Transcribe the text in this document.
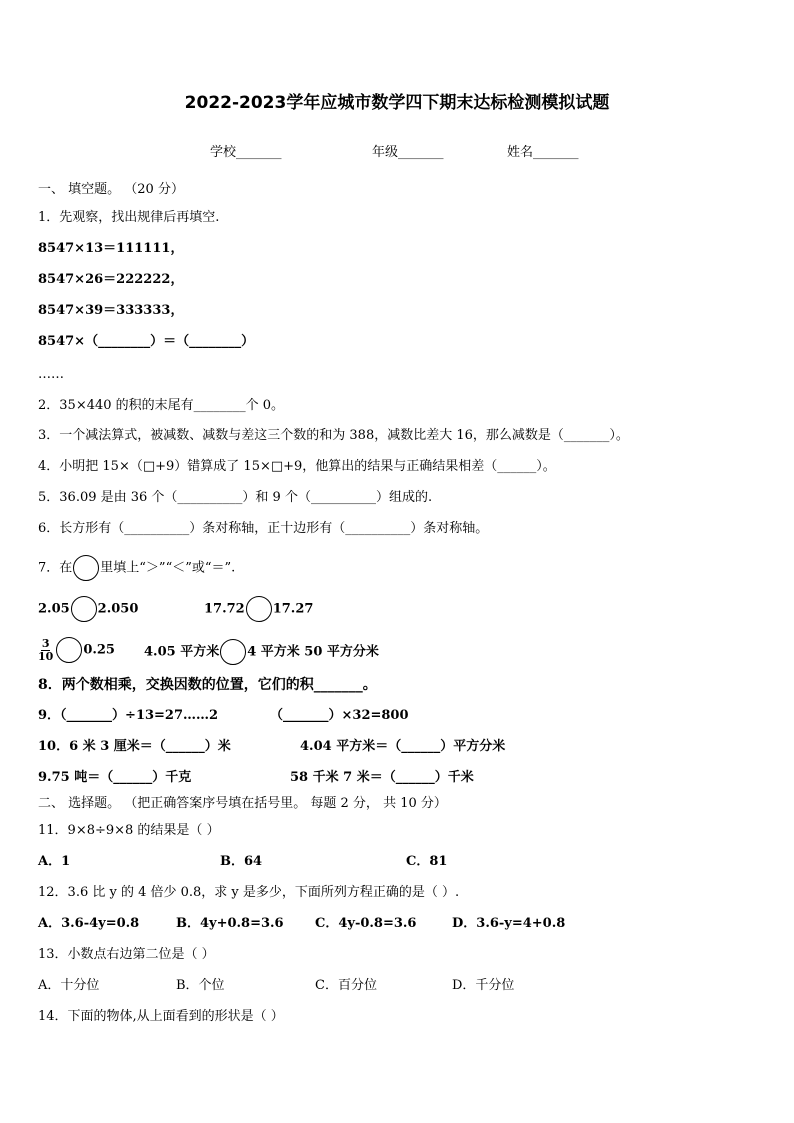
2022-2023学年应城市数学四下期末达标检测模拟试题
学校_______	年级_______	姓名_______
一、 填空题。 （20 分）
1．先观察，找出规律后再填空.
8547×13＝111111，
8547×26＝222222，
8547×39＝333333，
8547×（________）＝（________）
……
2．35×440 的积的末尾有________个 0。
3．一个减法算式，被减数、减数与差这三个数的和为 388，减数比差大 16，那么减数是（_______）。
4．小明把 15×（□+9）错算成了 15×□+9，他算出的结果与正确结果相差（______）。
5．36.09 是由 36 个（__________）和 9 个（__________）组成的.
6．长方形有（__________）条对称轴，正十边形有（__________）条对称轴。
7．在 里填上“＞”“＜”或“＝”.
2.05 2.050	17.72 17.27
$\frac{3}{10} 0.25$ 4.05 平方米 4 平方米 50 平方分米
8．两个数相乘，交换因数的位置，它们的积_______。
9．（_______）÷13=27……2	（_______）×32=800
10．6 米 3 厘米＝（______）米	4.04 平方米＝（______）平方分米
9.75 吨＝（______）千克	58 千米 7 米＝（______）千米
二、 选择题。 （把正确答案序号填在括号里。 每题 2 分， 共 10 分）
11．9×8÷9×8 的结果是（ ）
A．1	B．64	C．81
12．3.6 比 y 的 4 倍少 0.8，求 y 是多少，下面所列方程正确的是（ ）.
A．3.6-4y=0.8	B．4y+0.8=3.6 C．4y-0.8=3.6	D．3.6-y=4+0.8
13．小数点右边第二位是（ ）
A．十分位	B．个位	C．百分位	D．千分位
14．下面的物体,从上面看到的形状是（ ）
